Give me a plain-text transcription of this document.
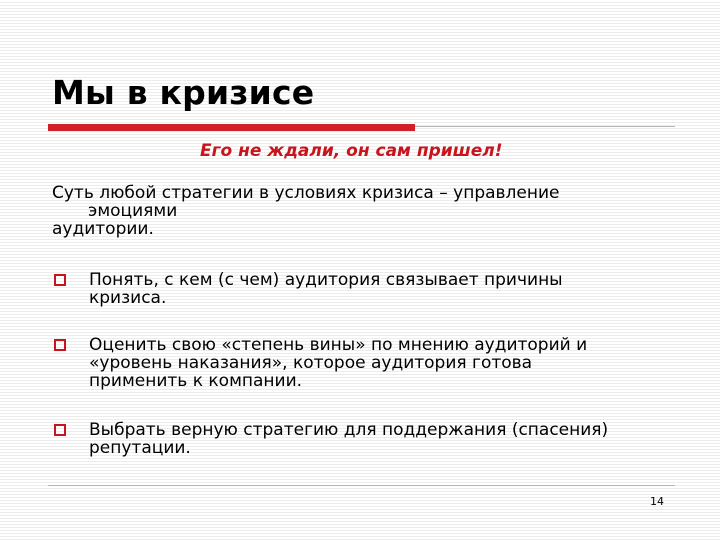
Мы в кризисе
Его не ждали, он сам пришел!
Суть любой стратегии в условиях кризиса – управление
эмоциями
аудитории.
Понять, с кем (с чем) аудитория связывает причины
кризиса.
Оценить свою «степень вины» по мнению аудиторий и
«уровень наказания», которое аудитория готова
применить к компании.
Выбрать верную стратегию для поддержания (спасения)
репутации.
14
